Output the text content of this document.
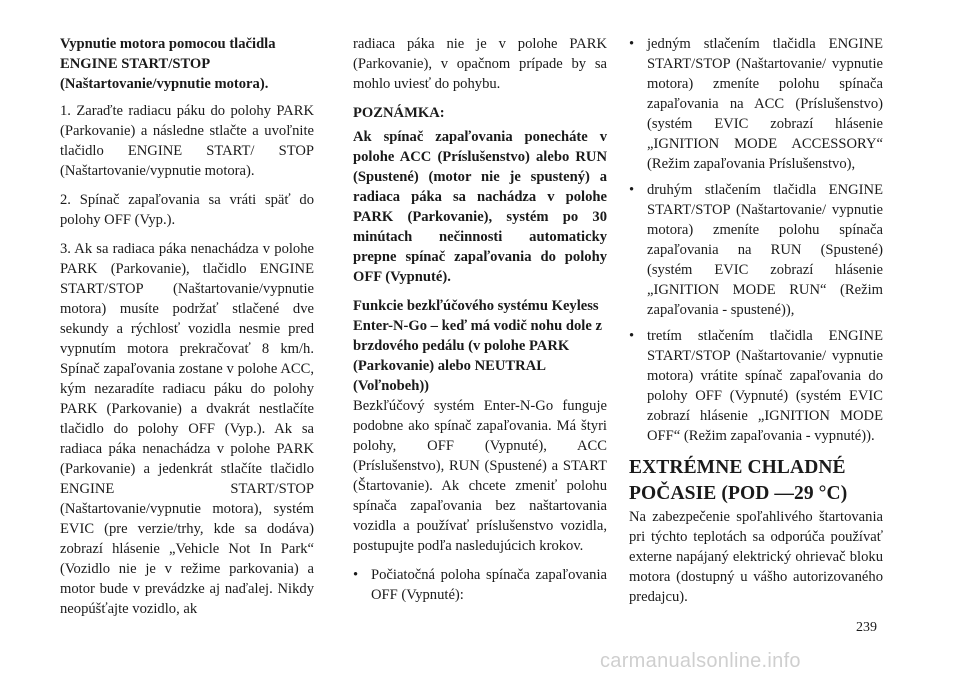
Vypnutie motora pomocou tlačidla ENGINE START/STOP (Naštartovanie/vypnutie motora).

1. Zaraďte radiacu páku do polohy PARK (Parkovanie) a následne stlačte a uvoľnite tlačidlo ENGINE START/ STOP (Naštartovanie/vypnutie motora).

2. Spínač zapaľovania sa vráti späť do polohy OFF (Vyp.).

3. Ak sa radiaca páka nenachádza v polohe PARK (Parkovanie), tlačidlo ENGINE START/STOP (Naštartovanie/vypnutie motora) musíte podržať stlačené dve sekundy a rýchlosť vozidla nesmie pred vypnutím motora prekračovať 8 km/h. Spínač zapaľovania zostane v polohe ACC, kým nezaradíte radiacu páku do polohy PARK (Parkovanie) a dvakrát nestlačíte tlačidlo do polohy OFF (Vyp.). Ak sa radiaca páka nenachádza v polohe PARK (Parkovanie) a jedenkrát stlačíte tlačidlo ENGINE START/STOP (Naštartovanie/vypnutie motora), systém EVIC (pre verzie/trhy, kde sa dodáva) zobrazí hlásenie „Vehicle Not In Park“ (Vozidlo nie je v režime parkovania) a motor bude v prevádzke aj naďalej. Nikdy neopúšťajte vozidlo, ak

radiaca páka nie je v polohe PARK (Parkovanie), v opačnom prípade by sa mohlo uviesť do pohybu.

POZNÁMKA:

Ak spínač zapaľovania ponecháte v polohe ACC (Príslušenstvo) alebo RUN (Spustené) (motor nie je spustený) a radiaca páka sa nachádza v polohe PARK (Parkovanie), systém po 30 minútach nečinnosti automaticky prepne spínač zapaľovania do polohy OFF (Vypnuté).

Funkcie bezkľúčového systému Keyless Enter-N-Go – keď má vodič nohu dole z brzdového pedálu (v polohe PARK (Parkovanie) alebo NEUTRAL (Voľnobeh))

Bezkľúčový systém Enter-N-Go funguje podobne ako spínač zapaľovania. Má štyri polohy, OFF (Vypnuté), ACC (Príslušenstvo), RUN (Spustené) a START (Štartovanie). Ak chcete zmeniť polohu spínača zapaľovania bez naštartovania vozidla a používať príslušenstvo vozidla, postupujte podľa nasledujúcich krokov.

• Počiatočná poloha spínača zapaľovania OFF (Vypnuté):
• jedným stlačením tlačidla ENGINE START/STOP (Naštartovanie/ vypnutie motora) zmeníte polohu spínača zapaľovania na ACC (Príslušenstvo) (systém EVIC zobrazí hlásenie „IGNITION MODE ACCESSORY“ (Režim zapaľovania Príslušenstvo),
• druhým stlačením tlačidla ENGINE START/STOP (Naštartovanie/ vypnutie motora) zmeníte polohu spínača zapaľovania na RUN (Spustené) (systém EVIC zobrazí hlásenie „IGNITION MODE RUN“ (Režim zapaľovania - spustené)),
• tretím stlačením tlačidla ENGINE START/STOP (Naštartovanie/ vypnutie motora) vrátite spínač zapaľovania do polohy OFF (Vypnuté) (systém EVIC zobrazí hlásenie „IGNITION MODE OFF“ (Režim zapaľovania - vypnuté)).

EXTRÉMNE CHLADNÉ POČASIE (POD —29 °C)

Na zabezpečenie spoľahlivého štartovania pri týchto teplotách sa odporúča používať externe napájaný elektrický ohrievač bloku motora (dostupný u vášho autorizovaného predajcu).

239
carmanualsonline.info
